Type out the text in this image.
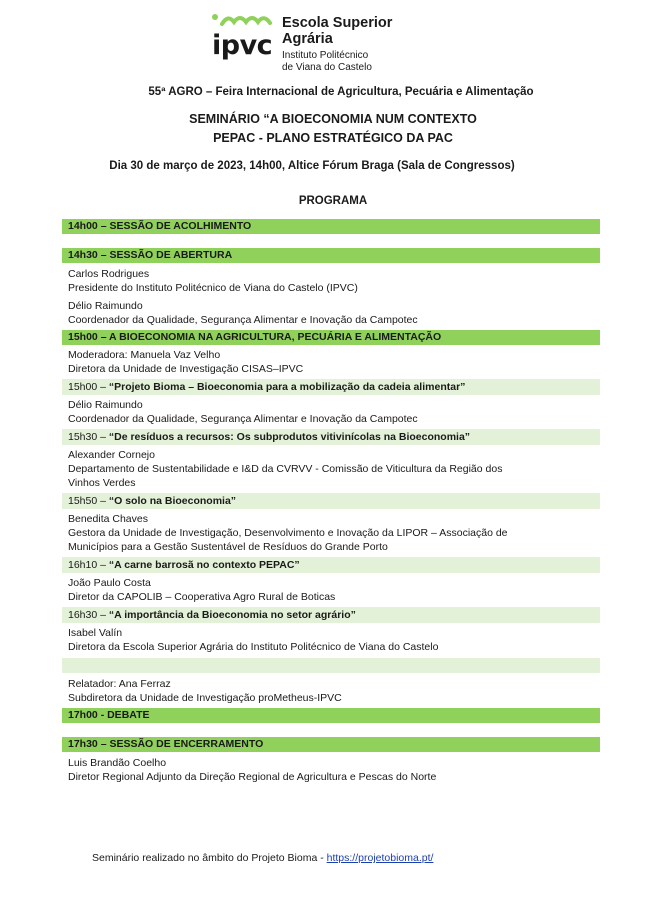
ipvc
Escola Superior
Agrária
Instituto Politécnico
de Viana do Castelo
55ª AGRO – Feira Internacional de Agricultura, Pecuária e Alimentação
SEMINÁRIO “A BIOECONOMIA NUM CONTEXTO
PEPAC - PLANO ESTRATÉGICO DA PAC
Dia 30 de março de 2023, 14h00, Altice Fórum Braga (Sala de Congressos)
PROGRAMA
14h00 – SESSÃO DE ACOLHIMENTO
14h30 – SESSÃO DE ABERTURA
Carlos Rodrigues
Presidente do Instituto Politécnico de Viana do Castelo (IPVC)
Délio Raimundo
Coordenador da Qualidade, Segurança Alimentar e Inovação da Campotec
15h00 – A BIOECONOMIA NA AGRICULTURA, PECUÁRIA E ALIMENTAÇÃO
Moderadora: Manuela Vaz Velho
Diretora da Unidade de Investigação CISAS–IPVC
15h00 – “Projeto Bioma – Bioeconomia para a mobilização da cadeia alimentar”
Délio Raimundo
Coordenador da Qualidade, Segurança Alimentar e Inovação da Campotec
15h30 – “De resíduos a recursos: Os subprodutos vitivinícolas na Bioeconomia”
Alexander Cornejo
Departamento de Sustentabilidade e I&D da CVRVV - Comissão de Viticultura da Região dos
Vinhos Verdes
15h50 – “O solo na Bioeconomia”
Benedita Chaves
Gestora da Unidade de Investigação, Desenvolvimento e Inovação da LIPOR – Associação de
Municípios para a Gestão Sustentável de Resíduos do Grande Porto
16h10 – “A carne barrosã no contexto PEPAC”
João Paulo Costa
Diretor da CAPOLIB – Cooperativa Agro Rural de Boticas
16h30 – “A importância da Bioeconomia no setor agrário”
Isabel Valín
Diretora da Escola Superior Agrária do Instituto Politécnico de Viana do Castelo
Relatador: Ana Ferraz
Subdiretora da Unidade de Investigação proMetheus-IPVC
17h00 - DEBATE
17h30 – SESSÃO DE ENCERRAMENTO
Luis Brandão Coelho
Diretor Regional Adjunto da Direção Regional de Agricultura e Pescas do Norte
Seminário realizado no âmbito do Projeto Bioma - https://projetobioma.pt/
